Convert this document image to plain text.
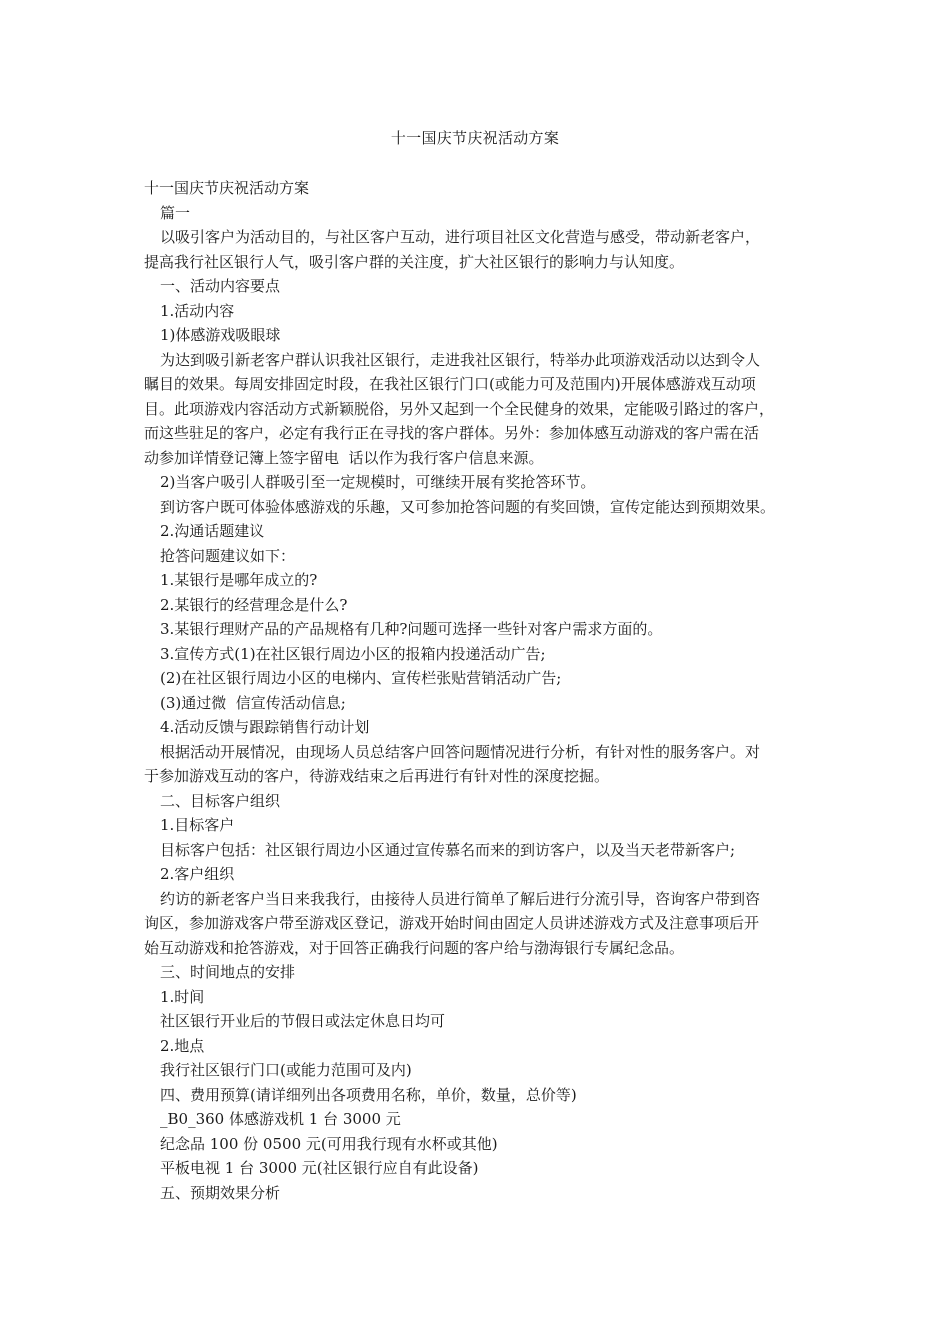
十一国庆节庆祝活动方案
十一国庆节庆祝活动方案
篇一
以吸引客户为活动目的，与社区客户互动，进行项目社区文化营造与感受，带动新老客户，
提高我行社区银行人气，吸引客户群的关注度，扩大社区银行的影响力与认知度。
一、活动内容要点
1.活动内容
1)体感游戏吸眼球
为达到吸引新老客户群认识我社区银行，走进我社区银行，特举办此项游戏活动以达到令人
瞩目的效果。每周安排固定时段，在我社区银行门口(或能力可及范围内)开展体感游戏互动项
目。此项游戏内容活动方式新颖脱俗，另外又起到一个全民健身的效果，定能吸引路过的客户，
而这些驻足的客户，必定有我行正在寻找的客户群体。另外：参加体感互动游戏的客户需在活
动参加详情登记簿上签字留电  话以作为我行客户信息来源。
2)当客户吸引人群吸引至一定规模时，可继续开展有奖抢答环节。
到访客户既可体验体感游戏的乐趣，又可参加抢答问题的有奖回馈，宣传定能达到预期效果。
2.沟通话题建议
抢答问题建议如下：
1.某银行是哪年成立的?
2.某银行的经营理念是什么?
3.某银行理财产品的产品规格有几种?问题可选择一些针对客户需求方面的。
3.宣传方式(1)在社区银行周边小区的报箱内投递活动广告;
(2)在社区银行周边小区的电梯内、宣传栏张贴营销活动广告;
(3)通过微  信宣传活动信息;
4.活动反馈与跟踪销售行动计划
根据活动开展情况，由现场人员总结客户回答问题情况进行分析，有针对性的服务客户。对
于参加游戏互动的客户，待游戏结束之后再进行有针对性的深度挖掘。
二、目标客户组织
1.目标客户
目标客户包括：社区银行周边小区通过宣传慕名而来的到访客户，以及当天老带新客户;
2.客户组织
约访的新老客户当日来我我行，由接待人员进行简单了解后进行分流引导，咨询客户带到咨
询区，参加游戏客户带至游戏区登记，游戏开始时间由固定人员讲述游戏方式及注意事项后开
始互动游戏和抢答游戏，对于回答正确我行问题的客户给与渤海银行专属纪念品。
三、时间地点的安排
1.时间
社区银行开业后的节假日或法定休息日均可
2.地点
我行社区银行门口(或能力范围可及内)
四、费用预算(请详细列出各项费用名称，单价，数量，总价等)
_B0_360 体感游戏机 1 台 3000 元
纪念品 100 份 0500 元(可用我行现有水杯或其他)
平板电视 1 台 3000 元(社区银行应自有此设备)
五、预期效果分析
